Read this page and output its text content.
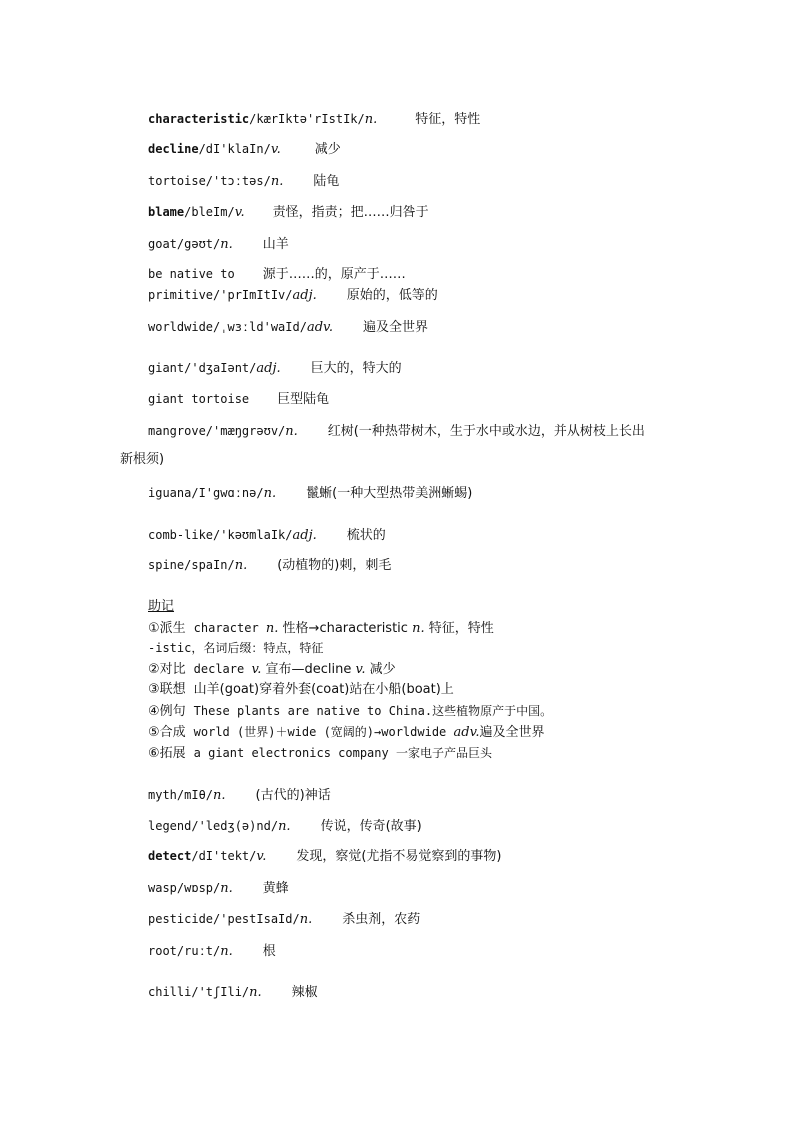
characteristic/kærIktə'rIstIk/n.	特征，特性
decline/dI'klaIn/v.	减少
tortoise/'tɔːtəs/n. 陆龟
blame/bleIm/v. 责怪，指责；把……归咎于
goat/gəʊt/n. 山羊
be native to 源于……的，原产于……
primitive/'prImItIv/adj. 原始的，低等的
worldwide/ˌwɜːld'waId/adv. 遍及全世界
giant/'dʒaIənt/adj. 巨大的，特大的
giant tortoise 巨型陆龟
mangrove/'mæŋgrəʊv/n. 红树(一种热带树木，生于水中或水边，并从树枝上长出
新根须)
iguana/I'gwɑːnə/n. 鬣蜥(一种大型热带美洲蜥蜴)
comb-like/'kəʊmlaIk/adj. 梳状的
spine/spaIn/n. (动植物的)刺，刺毛
助记
①派生 character n. 性格→characteristic n. 特征，特性
-istic，名词后缀：特点，特征
②对比 declare v. 宣布—decline v. 减少
③联想 山羊(goat)穿着外套(coat)站在小船(boat)上
④例句 These plants are native to China.这些植物原产于中国。
⑤合成 world (世界)＋wide (宽阔的)→worldwide adv.遍及全世界
⑥拓展 a giant electronics company 一家电子产品巨头
myth/mIθ/n. (古代的)神话
legend/'ledʒ(ə)nd/n. 传说，传奇(故事)
detect/dI'tekt/v. 发现，察觉(尤指不易觉察到的事物)
wasp/wɒsp/n. 黄蜂
pesticide/'pestIsaId/n. 杀虫剂，农药
root/ruːt/n. 根
chilli/'tʃIli/n. 辣椒
